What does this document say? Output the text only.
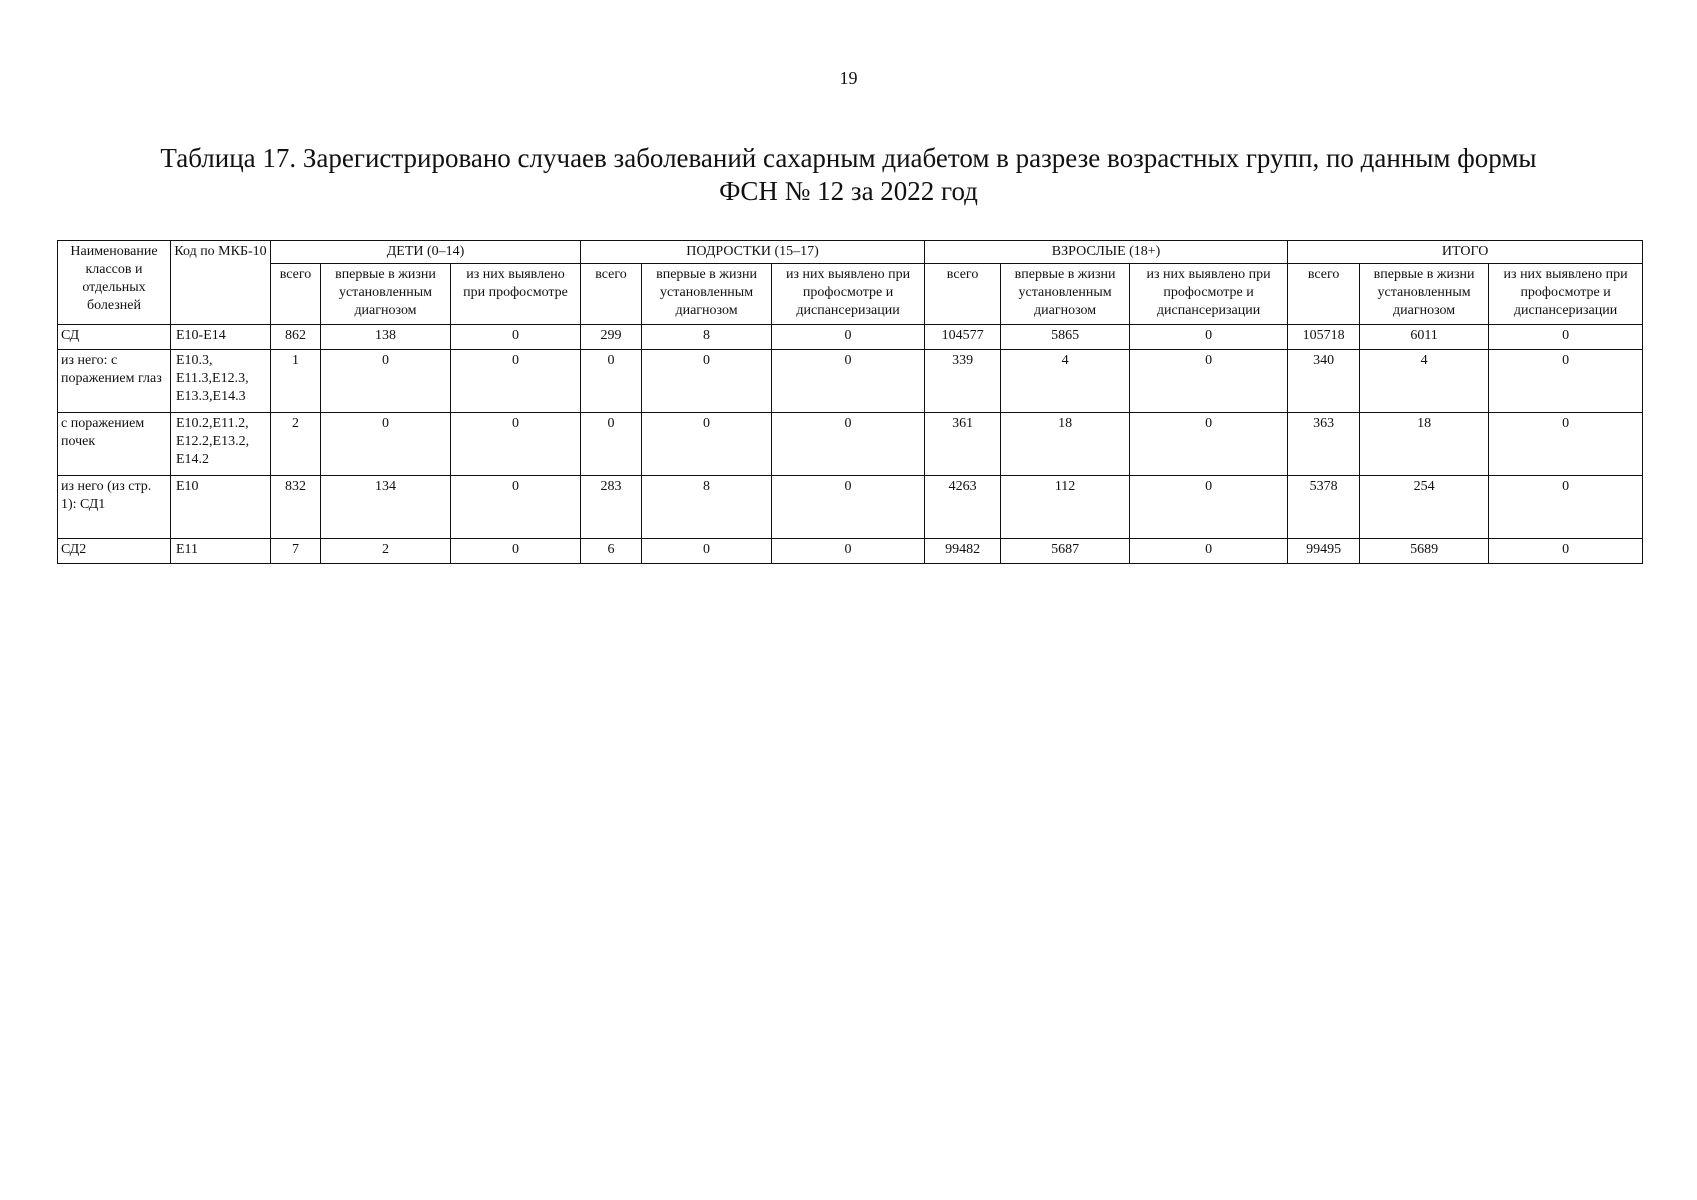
19
Таблица 17. Зарегистрировано случаев заболеваний сахарным диабетом в разрезе возрастных групп, по данным формы
ФСН № 12 за 2022 год
Наименование классов и отдельных болезней	Код по МКБ-10	ДЕТИ (0–14)			ПОДРОСТКИ (15–17)			ВЗРОСЛЫЕ (18+)			ИТОГО		
		всего	впервые в жизни установленным диагнозом	из них выявлено при профосмотре	всего	впервые в жизни установленным диагнозом	из них выявлено при профосмотре и диспансеризации	всего	впервые в жизни установленным диагнозом	из них выявлено при профосмотре и диспансеризации	всего	впервые в жизни установленным диагнозом	из них выявлено при профосмотре и диспансеризации
СД	E10-E14	862	138	0	299	8	0	104577	5865	0	105718	6011	0
из него: с поражением глаз	E10.3, E11.3,E12.3, E13.3,E14.3	1	0	0	0	0	0	339	4	0	340	4	0
с поражением почек	E10.2,E11.2, E12.2,E13.2, E14.2	2	0	0	0	0	0	361	18	0	363	18	0
из него (из стр. 1): СД1	E10	832	134	0	283	8	0	4263	112	0	5378	254	0
СД2	E11	7	2	0	6	0	0	99482	5687	0	99495	5689	0
